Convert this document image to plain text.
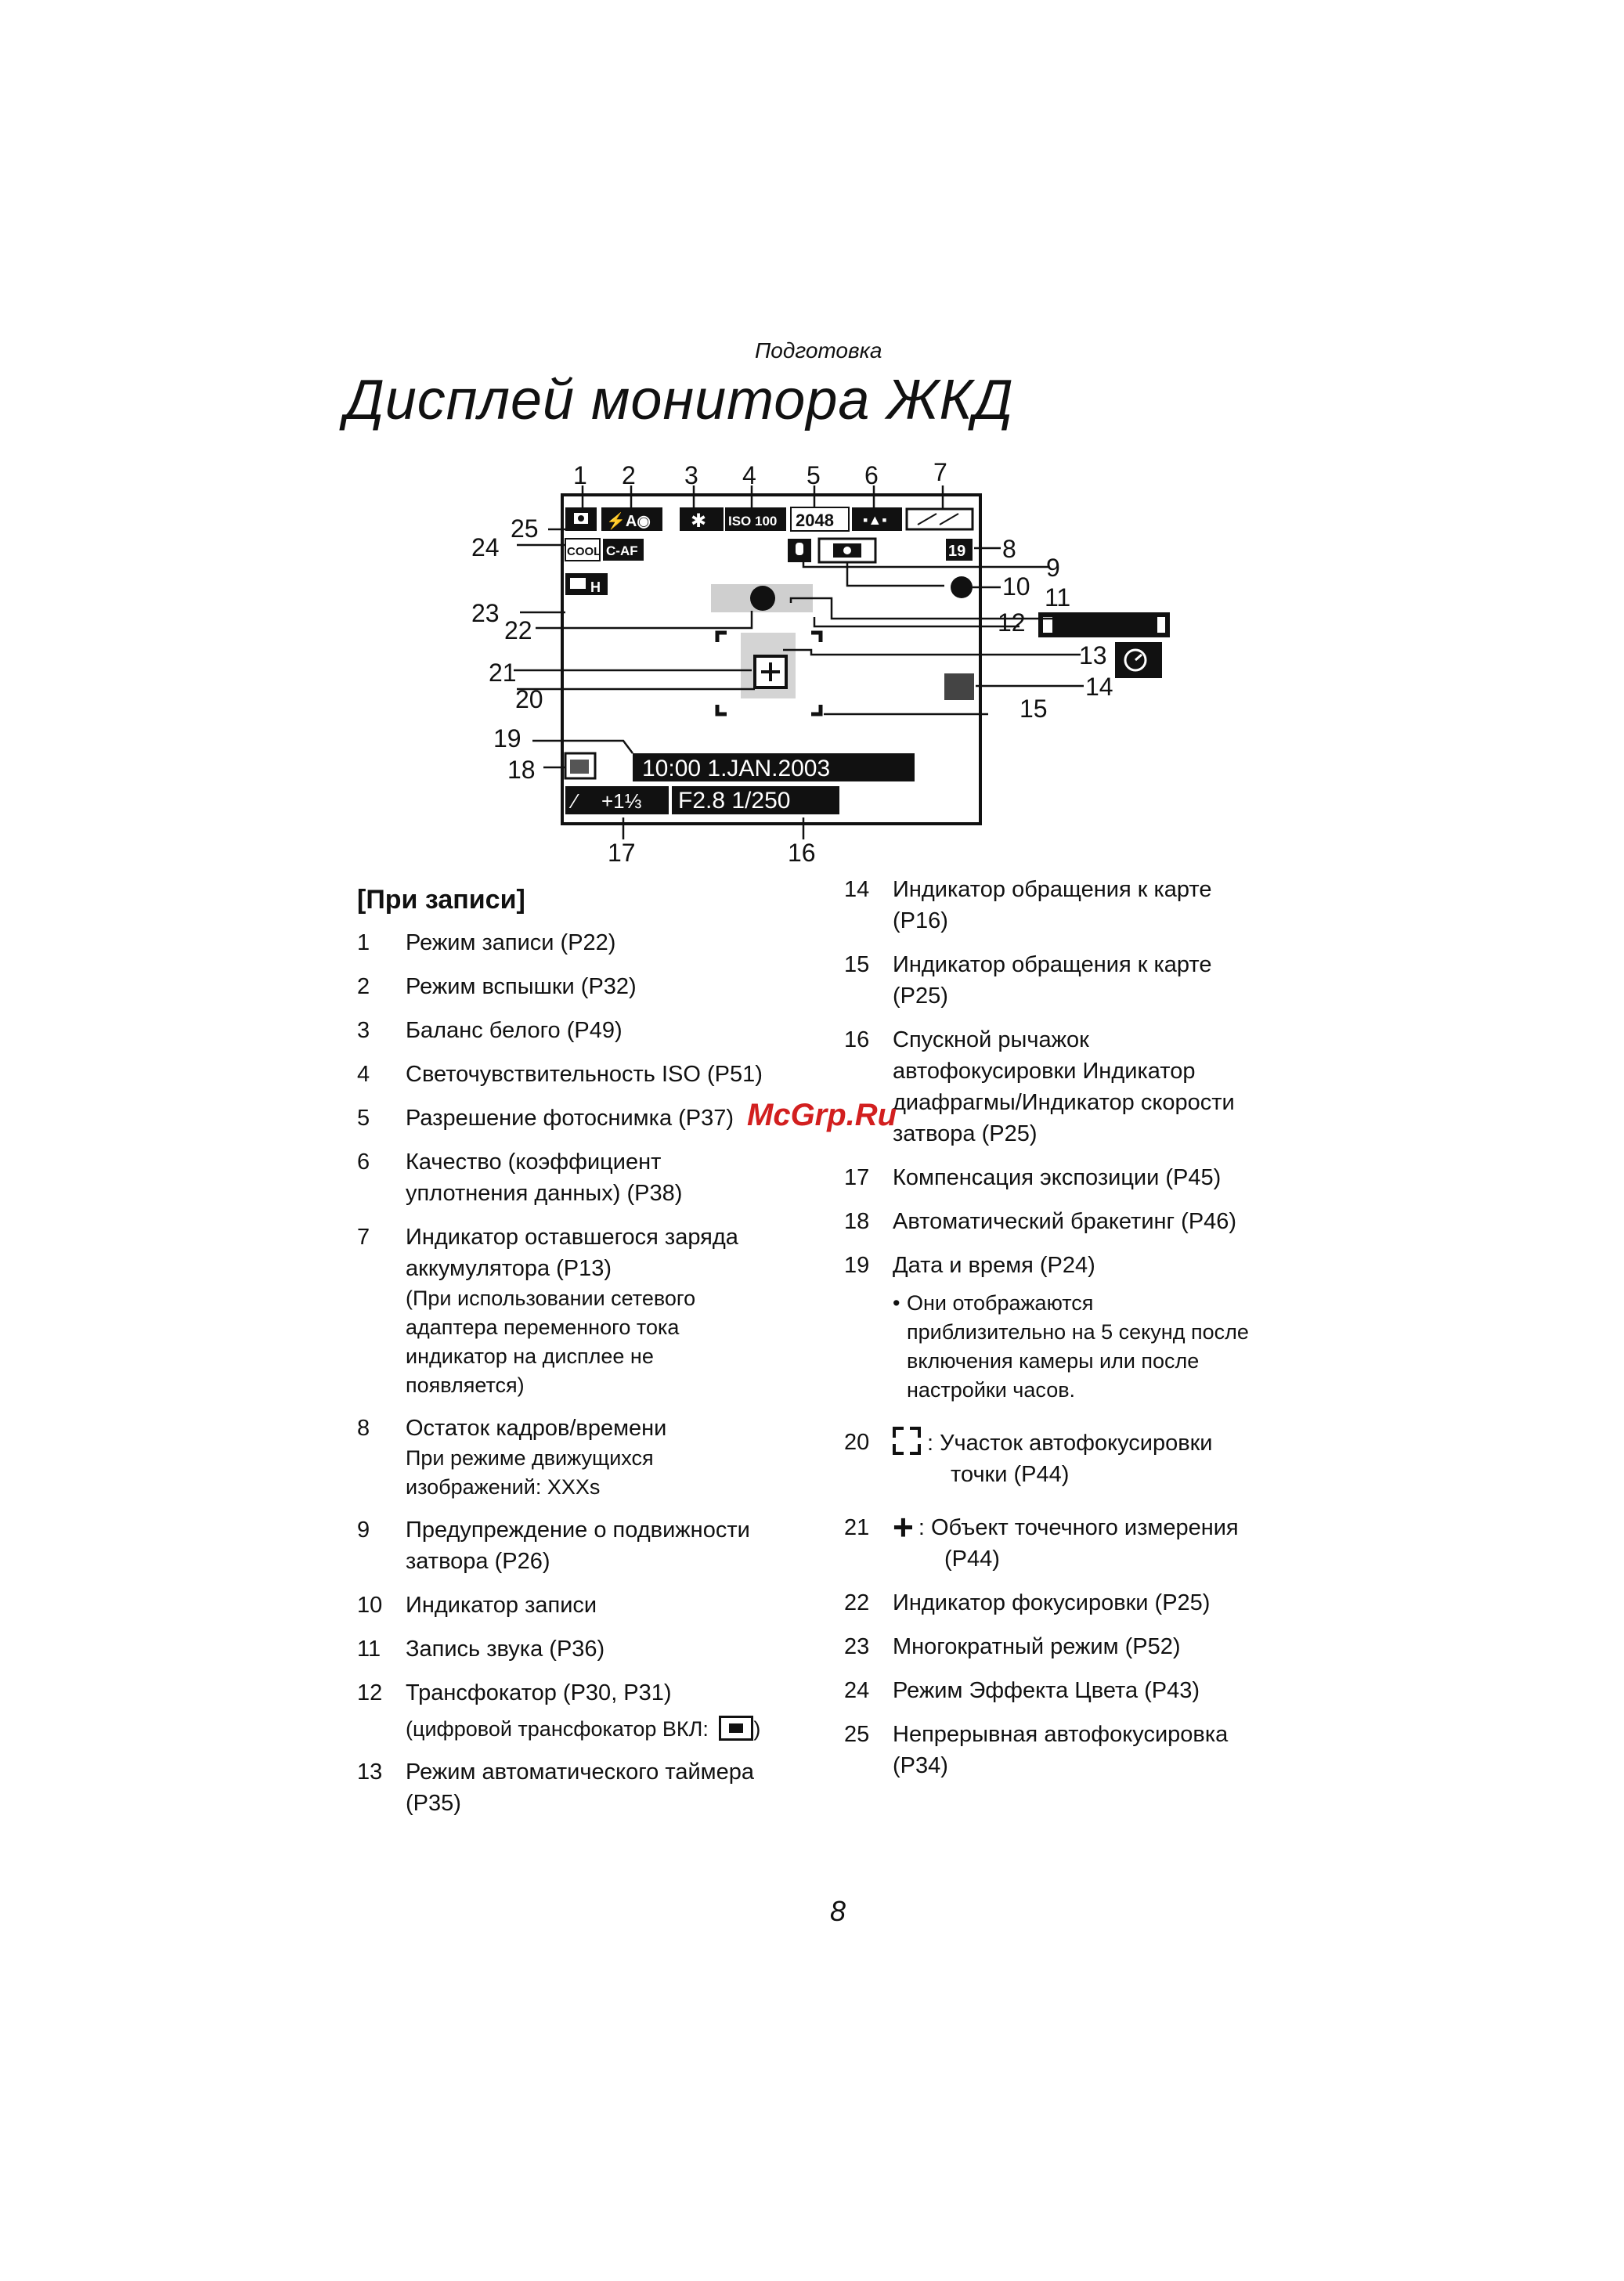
Подготовка
Дисплей монитора ЖКД
⚡A◉ ✱ ISO 100 2048 ▪▲▪
COOL C-AF
H
19
10:00 1.JAN.2003
⁄ +1⅓ F2.8 1/250
1 2 3 4 5 6 7
8
9
10 11
12
13
14
15
16
17
18
19
20
21
22
23
24
25
[При записи]
1	Режим записи (P22)
2	Режим вспышки (P32)
3	Баланс белого (P49)
4	Светочувствительность ISO (P51)
5	Разрешение фотоснимка (P37)
6	Качество (коэффициент
уплотнения данных) (P38)
7	Индикатор оставшегося заряда
аккумулятора (P13)
(При использовании сетевого
адаптера переменного тока
индикатор на дисплее не
появляется)
8	Остаток кадров/времени
При режиме движущихся
изображений: XXXs
9	Предупреждение о подвижности
затвора (P26)
10	Индикатор записи
11	Запись звука (P36)
12	Трансфокатор (P30, P31)
(цифровой трансфокатор ВКЛ: )
13	Режим автоматического таймера
(P35)
14	Индикатор обращения к карте
(P16)
15	Индикатор обращения к карте
(P25)
16	Спускной рычажок
автофокусировки Индикатор
диафрагмы/Индикатор скорости
затвора (P25)
17	Компенсация экспозиции (P45)
18	Автоматический бракетинг (P46)
19	Дата и время (P24)
• Они отображаются
приблизительно на 5 секунд после
включения камеры или после
настройки часов.
20	: Участок автофокусировки
точки (P44)
21 + : Объект точечного измерения
(P44)
22	Индикатор фокусировки (P25)
23	Многократный режим (P52)
24	Режим Эффекта Цвета (P43)
25	Непрерывная автофокусировка
(P34)
McGrp.Ru
8
